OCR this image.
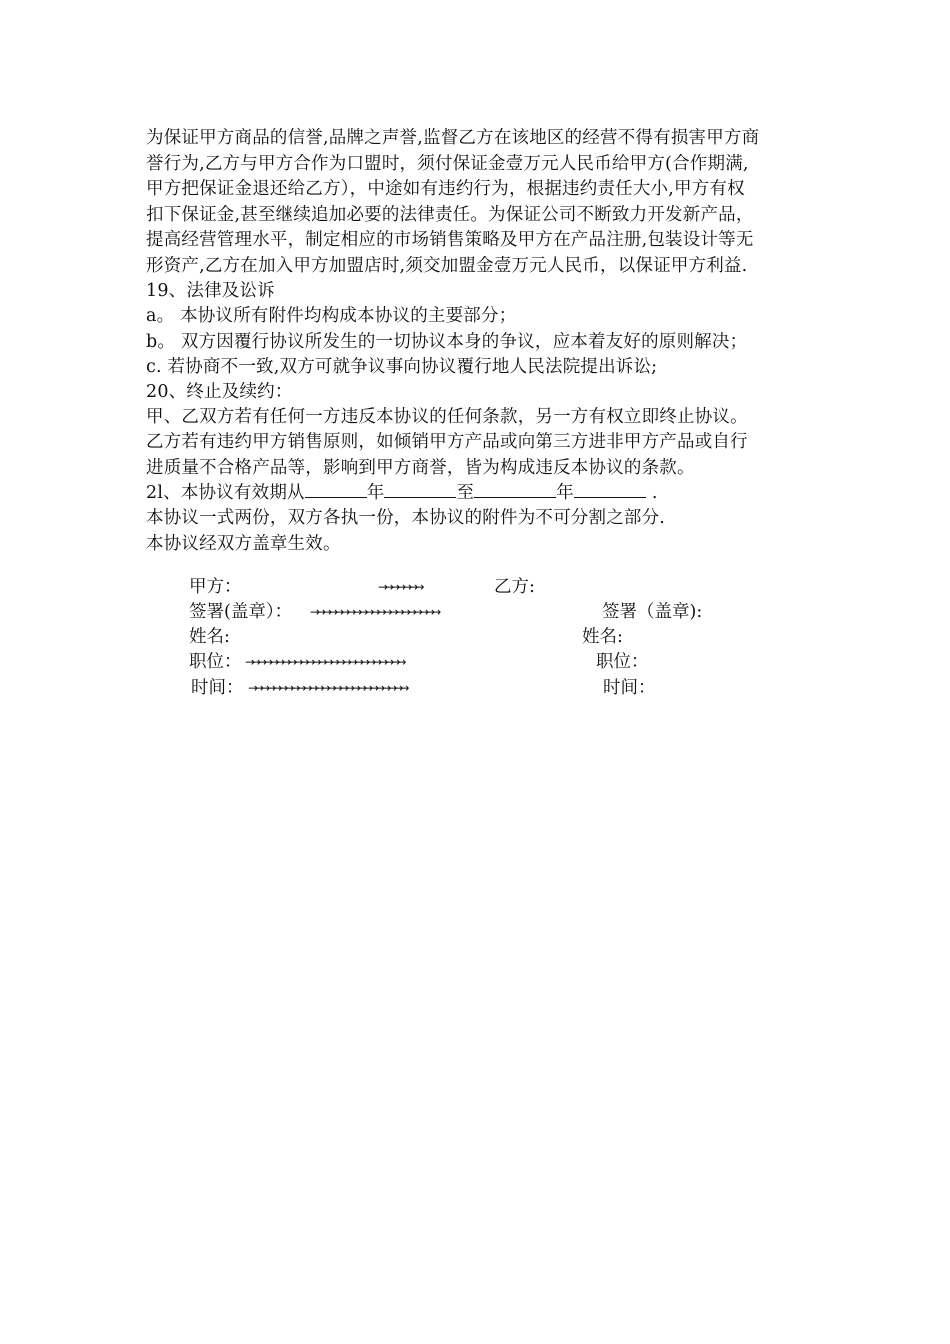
为保证甲方商品的信誉,品牌之声誉,监督乙方在该地区的经营不得有损害甲方商
誉行为,乙方与甲方合作为口盟时，须付保证金壹万元人民币给甲方(合作期满,
甲方把保证金退还给乙方），中途如有违约行为，根据违约责任大小,甲方有权
扣下保证金,甚至继续追加必要的法律责任。为保证公司不断致力开发新产品，
提高经营管理水平，制定相应的市场销售策略及甲方在产品注册,包装设计等无
形资产,乙方在加入甲方加盟店时,须交加盟金壹万元人民币，以保证甲方利益.
19、法律及讼诉
a。 本协议所有附件均构成本协议的主要部分；
b。 双方因覆行协议所发生的一切协议本身的争议，应本着友好的原则解决；
c. 若协商不一致,双方可就争议事向协议覆行地人民法院提出诉讼;
20、终止及续约：
甲、乙双方若有任何一方违反本协议的任何条款，另一方有权立即终止协议。
乙方若有违约甲方销售原则，如倾销甲方产品或向第三方进非甲方产品或自行
进质量不合格产品等，影响到甲方商誉，皆为构成违反本协议的条款。
2l、本协议有效期从	年	至	年	.
本协议一式两份，双方各执一份，本协议的附件为不可分割之部分.
本协议经双方盖章生效。
甲方：	→→→→→→→	乙方:
签署(盖章）： →→→→→→→→→→→→→→→→→→→→→	签署（盖章):
姓名:	姓名:
职位： →→→→→→→→→→→→→→→→→→→→→→→→→→	职位：
时间： →→→→→→→→→→→→→→→→→→→→→→→→→→	时间：
